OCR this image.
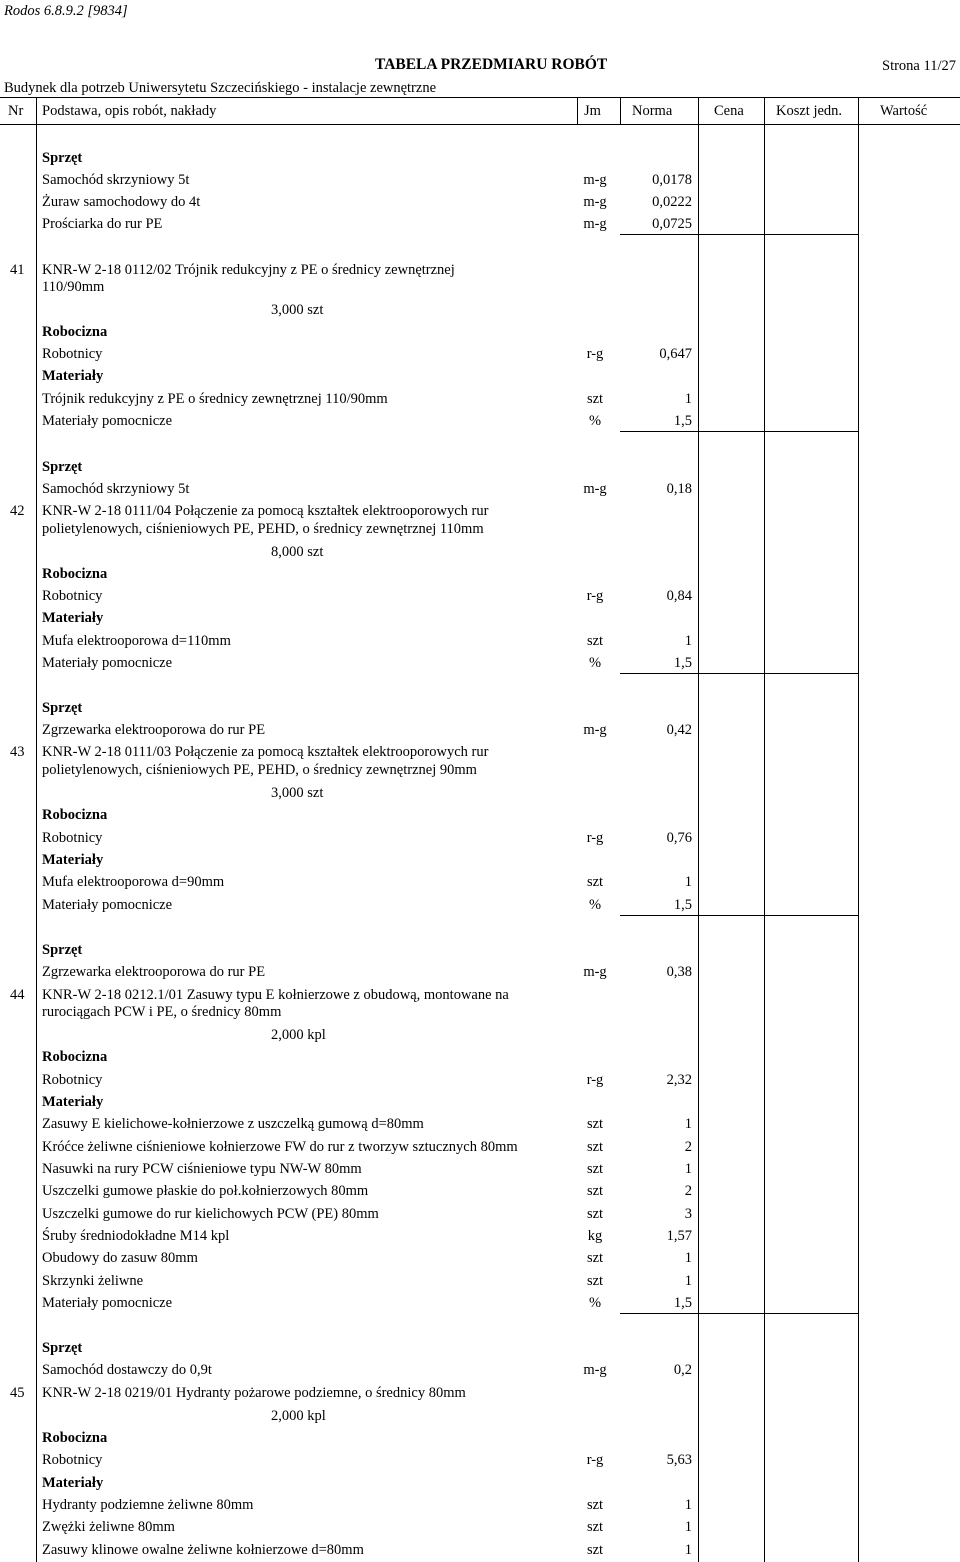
Rodos 6.8.9.2 [9834]
TABELA PRZEDMIARU ROBÓT	Strona 11/27
Budynek dla potrzeb Uniwersytetu Szczecińskiego - instalacje zewnętrzne
Nr Podstawa, opis robót, nakłady	Jm Norma	Cena Koszt jedn.	Wartość
Sprzęt
Samochód skrzyniowy 5t	m-g	0,0178
Żuraw samochodowy do 4t	m-g	0,0222
Prościarka do rur PE	m-g	0,0725
41 KNR-W 2-18 0112/02 Trójnik redukcyjny z PE o średnicy zewnętrznej
110/90mm
3,000 szt
Robocizna
Robotnicy	r-g	0,647
Materiały
Trójnik redukcyjny z PE o średnicy zewnętrznej 110/90mm	szt	1
Materiały pomocnicze	%	1,5
Sprzęt
Samochód skrzyniowy 5t	m-g	0,18
42 KNR-W 2-18 0111/04 Połączenie za pomocą kształtek elektrooporowych rur
polietylenowych, ciśnieniowych PE, PEHD, o średnicy zewnętrznej 110mm
8,000 szt
Robocizna
Robotnicy	r-g	0,84
Materiały
Mufa elektrooporowa d=110mm	szt	1
Materiały pomocnicze	%	1,5
Sprzęt
Zgrzewarka elektrooporowa do rur PE	m-g	0,42
43 KNR-W 2-18 0111/03 Połączenie za pomocą kształtek elektrooporowych rur
polietylenowych, ciśnieniowych PE, PEHD, o średnicy zewnętrznej 90mm
3,000 szt
Robocizna
Robotnicy	r-g	0,76
Materiały
Mufa elektrooporowa d=90mm	szt	1
Materiały pomocnicze	%	1,5
Sprzęt
Zgrzewarka elektrooporowa do rur PE	m-g	0,38
44 KNR-W 2-18 0212.1/01 Zasuwy typu E kołnierzowe z obudową, montowane na
rurociągach PCW i PE, o średnicy 80mm
2,000 kpl
Robocizna
Robotnicy	r-g	2,32
Materiały
Zasuwy E kielichowe-kołnierzowe z uszczelką gumową d=80mm	szt	1
Króćce żeliwne ciśnieniowe kołnierzowe FW do rur z tworzyw sztucznych 80mm	szt	2
Nasuwki na rury PCW ciśnieniowe typu NW-W 80mm	szt	1
Uszczelki gumowe płaskie do poł.kołnierzowych 80mm	szt	2
Uszczelki gumowe do rur kielichowych PCW (PE) 80mm	szt	3
Śruby średniodokładne M14 kpl	kg	1,57
Obudowy do zasuw 80mm	szt	1
Skrzynki żeliwne	szt	1
Materiały pomocnicze	%	1,5
Sprzęt
Samochód dostawczy do 0,9t	m-g	0,2
45 KNR-W 2-18 0219/01 Hydranty pożarowe podziemne, o średnicy 80mm
2,000 kpl
Robocizna
Robotnicy	r-g	5,63
Materiały
Hydranty podziemne żeliwne 80mm	szt	1
Zwężki żeliwne 80mm	szt	1
Zasuwy klinowe owalne żeliwne kołnierzowe d=80mm	szt	1
